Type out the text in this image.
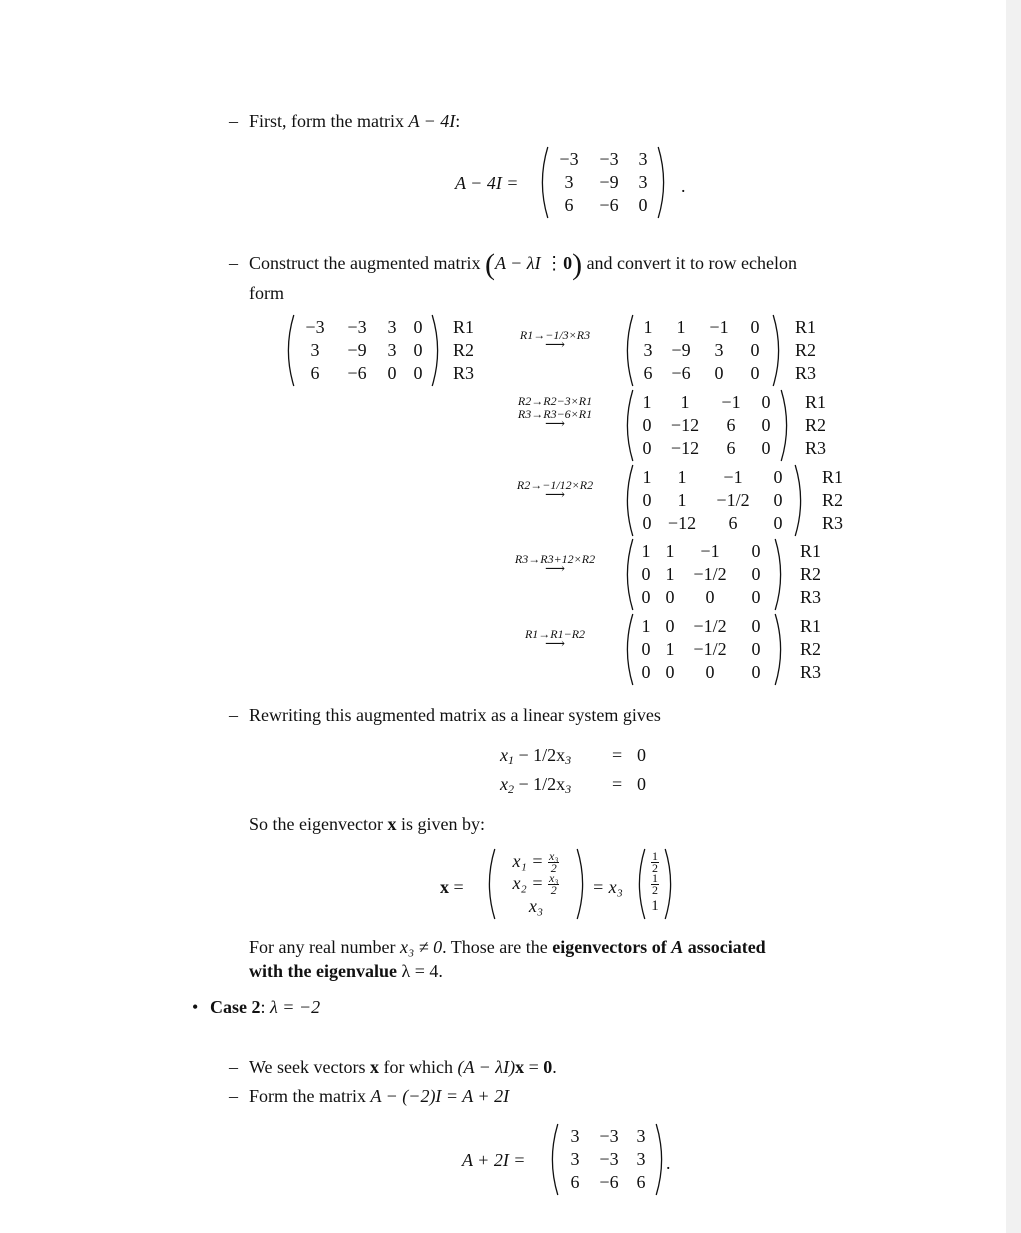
– First, form the matrix A − 4I:
A − 4I =
−3	−3	3
3	−9	3
6	−6	0
.
– Construct the augmented matrix (A − λI ⋮0) and convert it to row echelon
form
−3	−3	3 0
3	−9	3 0
6	−6	0 0
R1
R2
R3
R1→−1/3×R3
⟶
1	1	−1	0
3	−9	3	0
6	−6	0	0
R1
R2
R3
R2→R2−3×R1
R3→R3−6×R1
⟶
1	1	−1	0
0	−12	6	0
0	−12	6	0
R1
R2
R3
R2→−1/12×R2
⟶
1	1	−1	0
0	1	−1/2	0
0 −12	6	0
R1
R2
R3
R3→R3+12×R2
⟶
1 1	−1	0
0 1	−1/2	0
0 0	0	0
R1
R2
R3
R1→R1−R2
⟶
1 0	−1/2	0
0 1	−1/2	0
0 0	0	0
R1
R2
R3
– Rewriting this augmented matrix as a linear system gives
$x_1 - 1/2x_3 = 0$
$x_2 - 1/2x_3 = 0$
So the eigenvector x is given by:
x =
$x_1 = \frac{\text{x₃}}{2}$
$x_2 = \frac{\text{x₃}}{2}$
x₃
= x₃
$\frac{1}{2}$
$\frac{1}{2}$
1
For any real number x₃ ≠ 0. Those are the eigenvectors of A associated
with the eigenvalue λ = 4.
• Case 2: λ = −2
– We seek vectors x for which (A − λI)x = 0.
– Form the matrix A − (−2)I = A + 2I
A + 2I =
3	−3 3
3	−3 3
6	−6 6
.
